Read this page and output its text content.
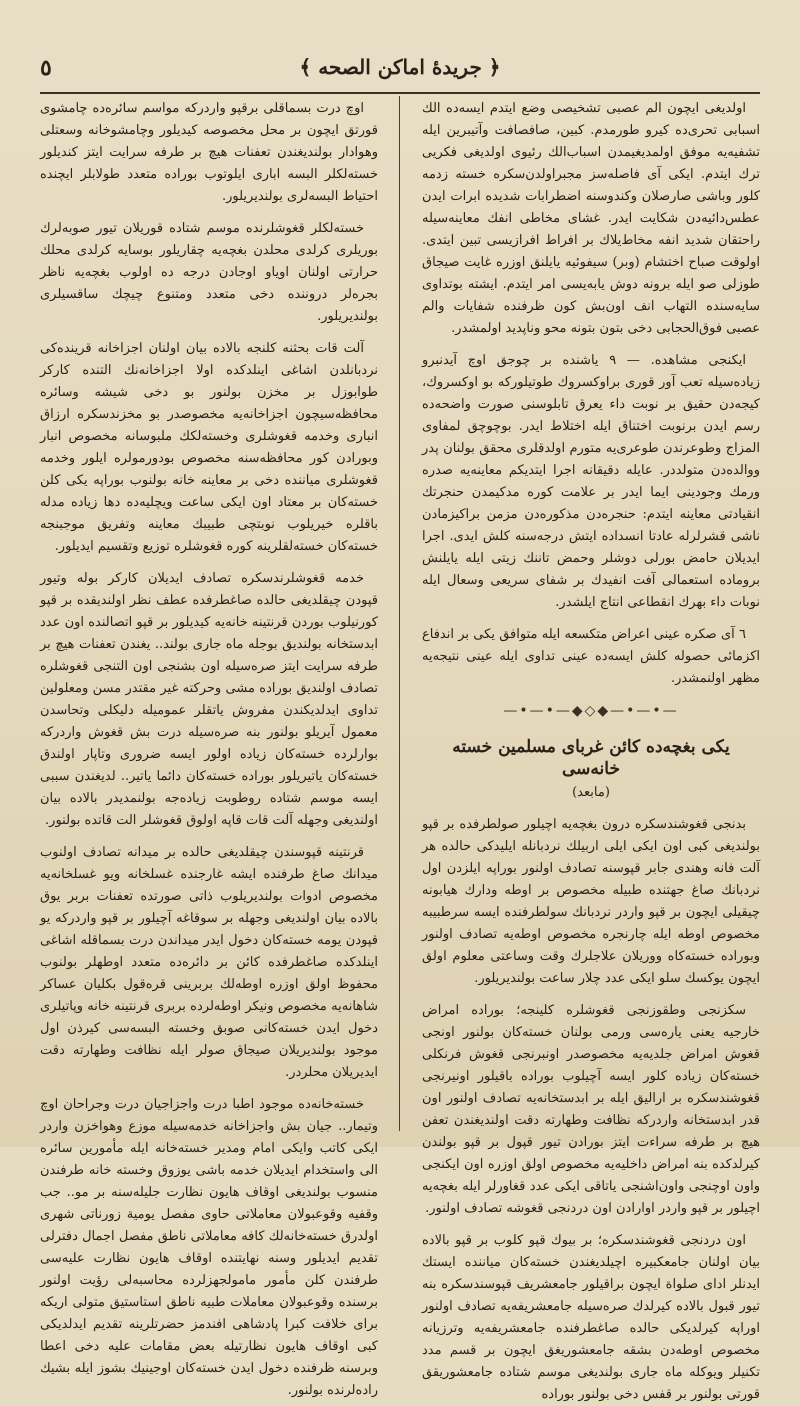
٥	﴿ جریدهٔ اماكن الصحه ﴾

اولديغى ايچون الم عصبى تشخيصى وضع ايتدم ايسه‌ده الك اسبابى تحرى‌ده كيرو طورمدم. كبين، صافصافت وآتيبرين ايله تشفيه‌يه موفق اولمدیغیمدن اسباب‌الك رئيوى اولديغى فكريى ترك ايتدم. ايكى آى فاصله‌سز مجبراولدن‌سكره خسته زدمه كلور وباشى صارصلان وكندوسنه اضطرابات شديده ابرات ايدن عطس‌دائیه‌دن شكايت ايدر. غشاى مخاطى انفك معاینه‌سيله راحتقان شديد انفه مخاط‌يلاك بر افراط افرازيسى تبين ايتدى. اولوقت صباح اختشام (وبر) سيفوئيه يايلنق اوزره غايت صيجاق طوزلى صو ايله برونه دوش يابه‌يسى امر ايتدم. ايشته بوتداوى سايه‌سنده التهاب انف اون‌بش كون ظرفنده شفايات والم عصبى فوق‌الحجابى دخى بتون بتونه محو وناپديد اولمشدر.

ايكنجى مشاهده. — ٩ ياشنده بر چوجق اوچ آيدنبرو زياده‌سيله تعب آور قورى براوكسروك طوتيلوركه بو اوكسروك، كيجه‌دن حقيق بر نوبت داء يعرق تابلوسنى صورت واضحه‌ده رسم ايدن برنوبت اختناق ايله اختلاط ايدر. بوچوچق لمفاوى المزاج وطوعرندن طوعرى‌يه متورم اولدقلرى محقق بولنان پدر ووالده‌دن متولددر. عايله دقيقانه اجرا ايتديكم معاینه‌يه صدره ورمك وجودينى ايما ايدر بر علامت كوره مدكيمدن حنجرتك انقيادتى معاینه ايتدم: حنجره‌دن مذكوره‌دن مزمن براكيزمادن ناشى قشرلرله عادتا انسداده ايتش درجه‌سنه كلش ايدى. اجرا ايديلان حامض بورلى دوشلر وحمض تاننك زيتى ايله يايلنش بروماده استعمالى آفت انفيدك بر شفاى سريعى وسعال ايله نوبات داء بهرك انقطاعى انتاج ايلشدر.

٦ آى صكره عينى اعراض متكسعه ايله متوافق يكى بر اندفاع اكزمائى حصوله كلش ايسه‌ده عينى تداوى ايله عينى نتيجه‌يه مظهر اولنمشدر.

—•—•—◆◇◆—•—•—
يكى بغچه‌ده كائن غرباى مسلمين خسته خانه‌سى
(مابعد)

بدنجى قغوشندسكره درون بغچه‌يه اچيلور صولطرفده بر قپو بولنديغى كبى اون ايكى ايلى اربيلك نردبانله ايليدكى حالده هر آلت فانه وهندى جابر قپوسنه تصادف اولنور بوراپه ايلزدن اول نردبانك صاغ جهتنده طبيله مخصوص بر اوطه ودارك هيابونه چيقيلى ايچون بر قپو واردر نردبانك سولطرفنده ايسه سرطبيبه مخصوص اوطه ايله چارنجره مخصوص اوطه‌يه تصادف اولنور وبوراده خسته‌كاه ووريلان علاجلرك وقت وساعتى معلوم اولق ايچون يوكسك سلو ايكى عدد چلار ساعت بولنديريلور.

سكزنجى وطقوزنجى قغوشلره كلينجه؛ بوراده امراض خارجيه يعنى يارە‌سى ورمى بولنان خسته‌كان بولنور اونجى قغوش امراض جلديه‌يه مخصوصدر اونبرنجى قغوش فرنكلى خسته‌كان زياده كلور ايسه آچيلوب بوراده باقيلور اونيرنجى قغوشندسكره بر اراليق ايله بر ابدستخانه‌يه تصادف اولنور اون قدر ابدستخانه واردركه نظافت وطهارته دقت اولنديغندن تعفن هيچ بر طرفه سراءت ايتز بورادن تيور قپول بر قپو بولندن كيرلدكده بنه امراض داخليه‌يه مخصوص اولق اوزره اون ايكنجى واون اوچنجى واون‌اشنجى ياتاقى ايكى عدد قغاورلر ايله بغچه‌يه اچيلور بر قپو واردر اوارادن اون دردنجى قغوشه تصادف اولنور.

اون دردنجى قغوشندسكره؛ بر بيوك قپو كلوب بر قپو بالاده بيان اولنان جامعكبيره اچيلديغندن خسته‌كان مياننده ايستك ايدنلر اداى صلواة ايچون براقيلور جامعشريف قپوسندسكره بنه تيور قبول بالاده كيرلدك صرەسيله جامعشريفه‌يه تصادف اولنور اوراپه كيرلديكى حالده صاغطرفنده جامعشريفه‌يه وترزيانه مخصوص اوطه‌دن بشقه جامعشوريغق ايچون بر قسم مدد تكنيلر ويوكله ماه جارى بولنديغى موسم شتاده جامعشوريقق قورتى بولنور بر قفس دخى بولنور بوراده

اوچ درت بسماقلى برقپو واردركه مواسم سائره‌ده چامشوى قورتق ايچون بر محل مخصوصه كيديلور وچامشوخانه وسعتلى وهوادار بولنديغندن تعفنات هيچ بر طرفه سرايت ايتز كنديلور خسته‌لكلر البسه ابارى ايلوتوب بوراده متعدد طولابلر ايچنده احتياط البسه‌لرى بولنديريلور.

خسته‌لكلر قغوشلرنده موسم شتاده قوريلان تيور صوبه‌لرك بوريلرى كرلدى محلدن بغچه‌يه چقاريلور بوسايه كرلدى محلك حرارتى اولنان اوياو اوجادن درجه ده اولوب بغچه‌يه ناظر بجره‌لر دروننده دخى متعدد ومتنوع چيچك ساقسيلرى بولنديريلور.

آلت قات بحثنه كلنجه بالاده بيان اولنان اجزاخانه قرينده‌كى نردبانلدن اشاغى اينلدكده اولا اجزاخانه‌نك التنده كاركر طوابوزل بر مخزن بولنور بو دخى شيشه وسائره محافظه‌سيچون اجزاخانه‌يه مخصوصدر بو مخزندسكره ارزاق انبارى وخدمه قغوشلرى وخسته‌لكك ملبوسانه مخصوص انبار وبورادن كور محافظه‌سنه مخصوص بودورمولره ايلور وخدمه قغوشلرى مياننده دخى بر معاينه خانه بولنوب بوراپه يكى كلن خسته‌كان بر معتاد اون ايكى ساعت ويچليه‌ده دها زياده مدله باقلره خيريلوب نوبتچى طبيبك معاينه وتفريق موجبنجه خسته‌كان خسته‌لقلرينه كوره قغوشلره توزيع وتقسيم ايديلور.

خدمه قغوشلرندسكره تصادف ايديلان كاركر بوله وتيور قپودن چيقلديغى حالده صاغطرفده عطف نظر اولنديقده بر قپو كورنيلوب بوردن قرنتينه خانه‌يه كيديلور بر قپو اتصالنده اون عدد ابدستخانه بولنديق بوجله ماه جارى بولند.. يغندن تعفنات هيچ بر طرفه سرايت ايتز صرەسيله اون بشنجى اون التنجى قغوشلره تصادف اولنديق بوراده مشى وحركته غير مقتدر مسن ومعلولين تداوى ايدلديكندن مفروش ياتقلر عموميله دليكلى وتحاسدن معمول آيريلو بولنور بنه صرەسيله درت بش قغوش واردركه بوارلرده خسته‌كان زياده اولور ايسه ضرورى وتاپار اولندق خسته‌كان ياتيريلور بوراده خسته‌كان دائما ياتير.. لديغندن سببى ايسه موسم شتاده روطوبت زياده‌جه بولنمديدر بالاده بيان اولنديغى وجهله آلت قات قاپه اولوق قغوشلر الت قاتده بولنور.

قرنتينه قپوسندن چيقلديغى حالده بر ميدانه تصادف اولنوب ميدانك صاغ طرفنده ايشه غارجنده غسلخانه ويو غسلخانه‌يه مخصوص ادوات بولنديريلوب ذاتى صورتده تعفنات بربر يوق بالاده بيان اولنديغى وجهله بر سوقاغه آچيلور بر قپو واردركه يو قپودن يومه خسته‌كان دخول ايدر ميداندن درت بسماقله اشاغى اينلدكده صاغطرفده كائن بر دائرەده متعدد اوطهلر بولنوب محفوظ اولق اوزره اوطه‌لك بربرينى قرەقول بكليان عساكر شاهانه‌يه مخصوص ونيكر اوطه‌لرده بربرى قرنتينه خانه وپاتيلرى دخول ايدن خسته‌كانى صوبق وخسته البسه‌سى كيرذن اول موجود بولنديريلان صيجاق صولر ايله نظافت وطهارته دقت ايديريلان محلردر.

خسته‌خانه‌ده موجود اطبا درت واجزاجيان درت وجراحان اوچ وتيمار.. جيان بش واجزاخانه خدمه‌سيله موزع وهواخزن واردر ايكى كاتب وايكى امام ومدير خسته‌خانه ايله مأمورين سائره الى واستخدام ايديلان خدمه باشى يوزوق وخسته خانه طرفندن منسوب بولنديغى اوقاف هايون نظارت جليله‌سنه بر مو.. جب وقفيه وقوعبولان معاملاتى حاوى مفصل يومية زورناتى شهرى اولدرق خسته‌خانه‌لك كافه معاملاتى ناطق مفصل اجمال دفترلى تقديم ايديلور وسنه نهايتنده اوقاف هايون نظارت عليه‌سى طرفندن كلن مأمور مامولجهزلرده محاسبه‌لى رؤيت اولنور برسنده وقوعبولان معاملات طبيه ناطق استاستيق متولى اريكه براى خلافت كبرا پادشاهى افندمز حضرتلرينه تقديم ايدلديكى كبى اوقاف هايون نظارتيله بعض مقامات عليه دخى اعطا وبرسنه ظرفنده دخول ايدن خسته‌كان اوجينيك بشوز ايله بشيك رادەلرنده بولنور.
